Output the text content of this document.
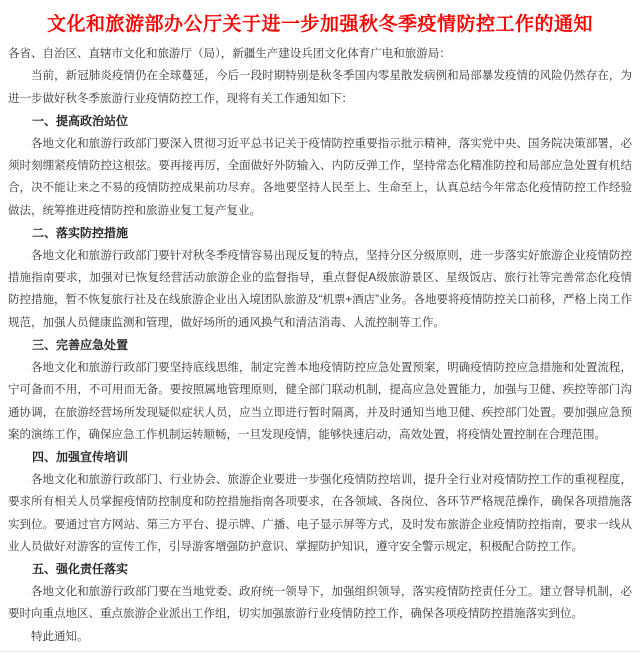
文化和旅游部办公厅关于进一步加强秋冬季疫情防控工作的通知

各省、自治区、直辖市文化和旅游厅（局），新疆生产建设兵团文化体育广电和旅游局：

当前，新冠肺炎疫情仍在全球蔓延，今后一段时期特别是秋冬季国内零星散发病例和局部暴发疫情的风险仍然存在，为进一步做好秋冬季旅游行业疫情防控工作，现将有关工作通知如下：

一、提高政治站位

各地文化和旅游行政部门要深入贯彻习近平总书记关于疫情防控重要指示批示精神，落实党中央、国务院决策部署，必须时刻绷紧疫情防控这根弦。要再接再厉，全面做好外防输入、内防反弹工作，坚持常态化精准防控和局部应急处置有机结合，决不能让来之不易的疫情防控成果前功尽弃。各地要坚持人民至上、生命至上，认真总结今年常态化疫情防控工作经验做法，统筹推进疫情防控和旅游业复工复产复业。

二、落实防控措施

各地文化和旅游行政部门要针对秋冬季疫情容易出现反复的特点，坚持分区分级原则，进一步落实好旅游企业疫情防控措施指南要求，加强对已恢复经营活动旅游企业的监督指导，重点督促A级旅游景区、星级饭店、旅行社等完善常态化疫情防控措施，暂不恢复旅行社及在线旅游企业出入境团队旅游及“机票+酒店”业务。各地要将疫情防控关口前移，严格上岗工作规范，加强人员健康监测和管理，做好场所的通风换气和清洁消毒、人流控制等工作。

三、完善应急处置

各地文化和旅游行政部门要坚持底线思维，制定完善本地疫情防控应急处置预案，明确疫情防控应急措施和处置流程，宁可备而不用，不可用而无备。要按照属地管理原则，健全部门联动机制，提高应急处置能力，加强与卫健、疾控等部门沟通协调，在旅游经营场所发现疑似症状人员，应当立即进行暂时隔离，并及时通知当地卫健、疾控部门处置。要加强应急预案的演练工作，确保应急工作机制运转顺畅，一旦发现疫情，能够快速启动，高效处置，将疫情处置控制在合理范围。

四、加强宣传培训

各地文化和旅游行政部门、行业协会、旅游企业要进一步强化疫情防控培训，提升全行业对疫情防控工作的重视程度，要求所有相关人员掌握疫情防控制度和防控措施指南各项要求，在各领域、各岗位、各环节严格规范操作，确保各项措施落实到位。要通过官方网站、第三方平台、提示牌、广播、电子显示屏等方式，及时发布旅游企业疫情防控指南，要求一线从业人员做好对游客的宣传工作，引导游客增强防护意识、掌握防护知识，遵守安全警示规定，积极配合防控工作。

五、强化责任落实

各地文化和旅游行政部门要在当地党委、政府统一领导下，加强组织领导，落实疫情防控责任分工。建立督导机制，必要时向重点地区、重点旅游企业派出工作组，切实加强旅游行业疫情防控工作，确保各项疫情防控措施落实到位。

特此通知。
